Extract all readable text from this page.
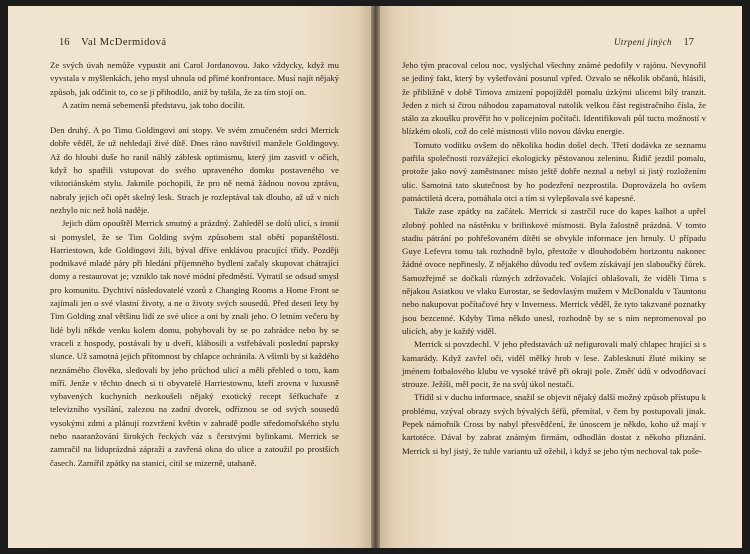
16 Val McDermidová

Ze svých úvah nemůže vypustit ani Carol Jordanovou. Jako vždycky, když mu vyvstala v myšlenkách, jeho mysl uhnula od přímé konfrontace. Musí najít nějaký způsob, jak odčinit to, co se jí přihodilo, aniž by tušila, že za tím stojí on.

A zatím nemá sebemenší představu, jak toho docílit.

Den druhý. A po Timu Goldingovi ani stopy. Ve svém zmučeném srdci Merrick dobře věděl, že už nehledají živé dítě. Dnes ráno navštívil manžele Goldingovy. Až do hloubi duše ho ranil náhlý záblesk optimismu, který jim zasvitl v očích, když ho spatřili vstupovat do svého upraveného domku postaveného ve viktoriánském stylu. Jakmile pochopili, že pro ně nemá žádnou novou zprávu, nabraly jejich oči opět skelný lesk. Strach je rozleptával tak dlouho, až už v nich nezbylo nic než holá naděje.

Jejich dům opouštěl Merrick smutný a prázdný. Zahleděl se dolů ulicí, s ironií si pomyslel, že se Tim Golding svým způsobem stal obětí popanštělosti. Harriestown, kde Goldingovi žili, býval dříve enklávou pracující třídy. Později podnikavé mladé páry při hledání příjemného bydlení začaly skupovat chátrající domy a restaurovat je; vzniklo tak nové módní předměstí. Vytratil se odsud smysl pro komunitu. Dychtiví následovatelé vzorů z Changing Rooms a Home Front se zajímali jen o své vlastní životy, a ne o životy svých sousedů. Před deseti lety by Tim Golding znal většinu lidí ze své ulice a oni by znali jeho. O letním večeru by lidé byli někde venku kolem domu, pohybovali by se po zahrádce nebo by se vraceli z hospody, postávali by u dveří, klábosili a vstřebávali poslední paprsky slunce. Už samotná jejich přítomnost by chlapce ochránila. A všimli by si každého neznámého člověka, sledovali by jeho průchod ulicí a měli přehled o tom, kam míří. Jenže v těchto dnech si ti obyvatelé Harriestownu, kteří zrovna v luxusně vybavených kuchyních nezkoušeli nějaký exotický recept šéfkuchaře z televizního vysílání, zalezou na zadní dvorek, odříznou se od svých sousedů vysokými zdmi a plánují rozvržení květin v zahradě podle středomořského stylu nebo naaranžování širokých řeckých váz s čerstvými bylinkami. Merrick se zamračil na liduprázdná zápraží a zavřená okna do ulice a zatoužil po prostších časech. Zamířil zpátky na stanici, cítil se mizerně, utahaně.

Utrpení jiných 17

Jeho tým pracoval celou noc, vyslýchal všechny známé pedofily v rajónu. Nevynořil se jediný fakt, který by vyšetřování posunul vpřed. Ozvalo se několik občanů, hlásili, že přibližně v době Timova zmizení popojížděl pomalu úzkými ulicemi bílý tranzit. Jeden z nich si čirou náhodou zapamatoval natolik velkou část registračního čísla, že stálo za zkoušku prověřit ho v policejním počítači. Identifikovali půl tuctu možností v blízkém okolí, což do celé místnosti vlilo novou dávku energie.

Tomuto vodítku ovšem do několika hodin došel dech. Třetí dodávka ze seznamu patřila společnosti rozvážející ekologicky pěstovanou zeleninu. Řidič jezdil pomalu, protože jako nový zaměstnanec místo ještě dobře neznal a nebyl si jistý rozložením ulic. Samotná tato skutečnost by ho podezření nezprostila. Doprovázela ho ovšem patnáctiletá dcera, pomáhala otci a tím si vylepšovala své kapesné.

Takže zase zpátky na začátek. Merrick si zastrčil ruce do kapes kalhot a upřel zlobný pohled na nástěnku v brifinkové místnosti. Byla žalostně prázdná. V tomto stadiu pátrání po pohřešovaném dítěti se obvykle informace jen hrnuly. U případu Guye Lefevra tomu tak rozhodně bylo, přestože v dlouhodobém horizontu nakonec žádné ovoce nepřinesly. Z nějakého důvodu teď ovšem získávají jen slaboučký čůrek. Samozřejmě se dočkali různých zdržovaček. Volající ohlašovali, že viděli Tima s nějakou Asiatkou ve vlaku Eurostar, se šedovlasým mužem v McDonaldu v Tauntonu nebo nakupovat počítačové hry v Inverness. Merrick věděl, že tyto takzvané poznatky jsou bezcenné. Kdyby Tima někdo unesl, rozhodně by se s ním nepromenoval po ulicích, aby je každý viděl.

Merrick si povzdechl. V jeho představách už nefigurovali malý chlapec hrající si s kamarády. Když zavřel oči, viděl mělký hrob v lese. Zablesknutí žluté mikiny se jménem fotbalového klubu ve vysoké trávě při okraji pole. Změť údů v odvodňovací strouze. Ježíši, měl pocit, že na svůj úkol nestačí.

Třídil si v duchu informace, snažil se objevit nějaký další možný způsob přístupu k problému, vzýval obrazy svých bývalých šéfů, přemítal, v čem by postupovali jinak. Pepek námořník Cross by nabyl přesvědčení, že únoscem je někdo, koho už mají v kartotéce. Dával by zabrat známým firmám, odhodlán dostat z někoho přiznání. Merrick si byl jistý, že tuhle variantu už ožebil, i když se jeho tým nechoval tak poše-
